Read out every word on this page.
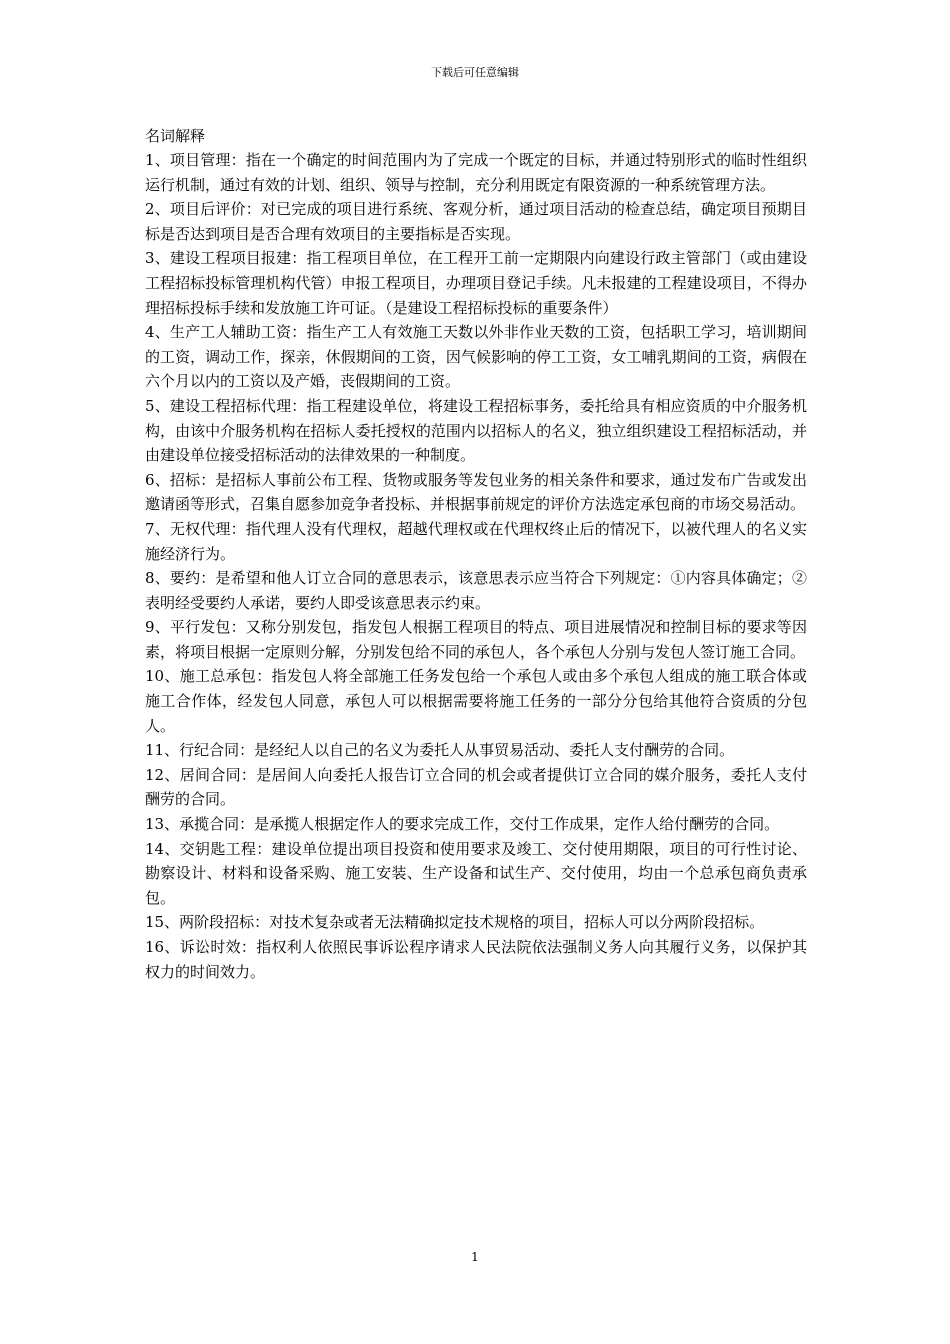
下载后可任意编辑

名词解释

1、项目管理：指在一个确定的时间范围内为了完成一个既定的目标，并通过特别形式的临时性组织运行机制，通过有效的计划、组织、领导与控制，充分利用既定有限资源的一种系统管理方法。

2、项目后评价：对已完成的项目进行系统、客观分析，通过项目活动的检查总结，确定项目预期目标是否达到项目是否合理有效项目的主要指标是否实现。

3、建设工程项目报建：指工程项目单位，在工程开工前一定期限内向建设行政主管部门（或由建设工程招标投标管理机构代管）申报工程项目，办理项目登记手续。凡未报建的工程建设项目，不得办理招标投标手续和发放施工许可证。（是建设工程招标投标的重要条件）

4、生产工人辅助工资：指生产工人有效施工天数以外非作业天数的工资，包括职工学习，培训期间的工资，调动工作，探亲，休假期间的工资，因气候影响的停工工资，女工哺乳期间的工资，病假在六个月以内的工资以及产婚，丧假期间的工资。

5、建设工程招标代理：指工程建设单位，将建设工程招标事务，委托给具有相应资质的中介服务机构，由该中介服务机构在招标人委托授权的范围内以招标人的名义，独立组织建设工程招标活动，并由建设单位接受招标活动的法律效果的一种制度。

6、招标：是招标人事前公布工程、货物或服务等发包业务的相关条件和要求，通过发布广告或发出邀请函等形式，召集自愿参加竞争者投标、并根据事前规定的评价方法选定承包商的市场交易活动。

7、无权代理：指代理人没有代理权，超越代理权或在代理权终止后的情况下，以被代理人的名义实施经济行为。

8、要约：是希望和他人订立合同的意思表示，该意思表示应当符合下列规定：①内容具体确定；②表明经受要约人承诺，要约人即受该意思表示约束。

9、平行发包：又称分别发包，指发包人根据工程项目的特点、项目进展情况和控制目标的要求等因素，将项目根据一定原则分解，分别发包给不同的承包人，各个承包人分别与发包人签订施工合同。

10、施工总承包：指发包人将全部施工任务发包给一个承包人或由多个承包人组成的施工联合体或施工合作体，经发包人同意，承包人可以根据需要将施工任务的一部分分包给其他符合资质的分包人。

11、行纪合同：是经纪人以自己的名义为委托人从事贸易活动、委托人支付酬劳的合同。

12、居间合同：是居间人向委托人报告订立合同的机会或者提供订立合同的媒介服务，委托人支付酬劳的合同。

13、承揽合同：是承揽人根据定作人的要求完成工作，交付工作成果，定作人给付酬劳的合同。

14、交钥匙工程：建设单位提出项目投资和使用要求及竣工、交付使用期限，项目的可行性讨论、勘察设计、材料和设备采购、施工安装、生产设备和试生产、交付使用，均由一个总承包商负责承包。

15、两阶段招标：对技术复杂或者无法精确拟定技术规格的项目，招标人可以分两阶段招标。

16、诉讼时效：指权利人依照民事诉讼程序请求人民法院依法强制义务人向其履行义务，以保护其权力的时间效力。

1
